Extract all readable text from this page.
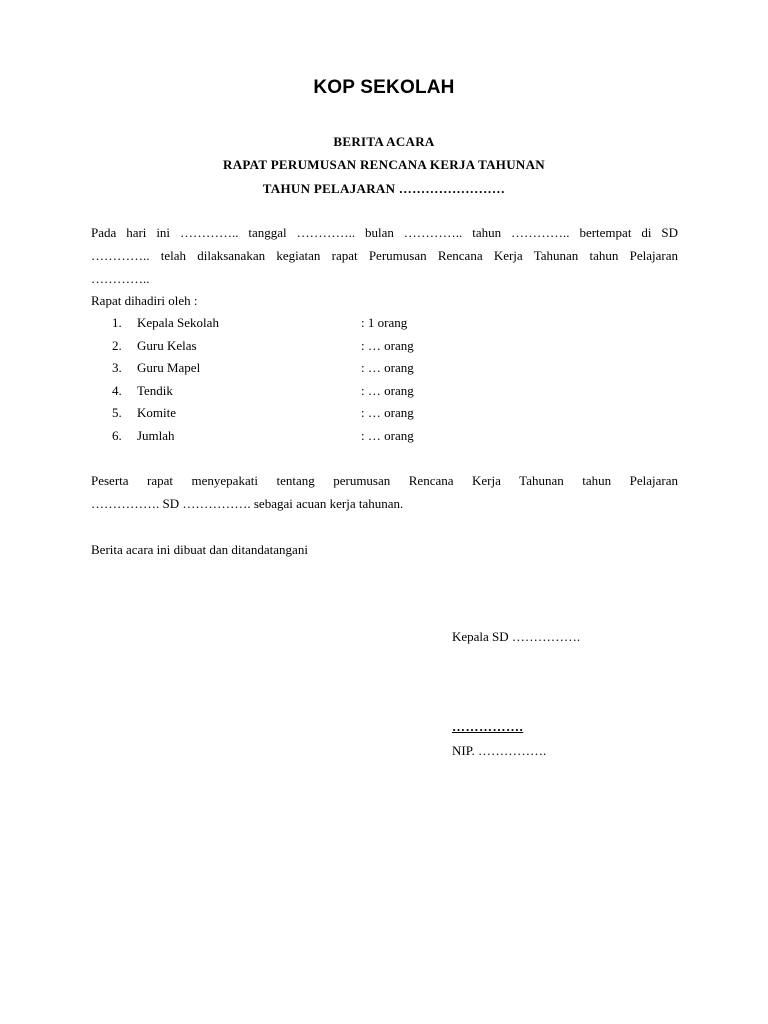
KOP SEKOLAH
BERITA ACARA
RAPAT PERUMUSAN RENCANA KERJA TAHUNAN
TAHUN PELAJARAN ……………………
Pada hari ini ………….. tanggal ………….. bulan ………….. tahun ………….. bertempat di SD
………….. telah dilaksanakan kegiatan rapat Perumusan Rencana Kerja Tahunan tahun Pelajaran
…………..
Rapat dihadiri oleh :
1.	Kepala Sekolah	: 1 orang
2.	Guru Kelas	: … orang
3.	Guru Mapel	: … orang
4.	Tendik	: … orang
5.	Komite	: … orang
6.	Jumlah	: … orang
Peserta rapat menyepakati tentang perumusan Rencana Kerja Tahunan tahun Pelajaran
……………. SD ……………. sebagai acuan kerja tahunan.
Berita acara ini dibuat dan ditandatangani
Kepala SD …………….
…………….
NIP. …………….
